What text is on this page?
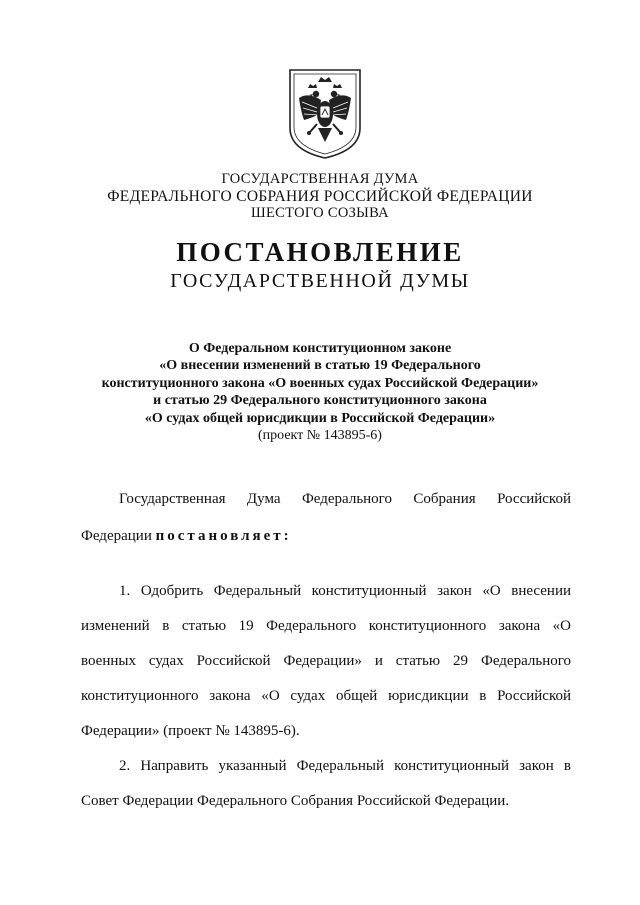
ГОСУДАРСТВЕННАЯ ДУМА
ФЕДЕРАЛЬНОГО СОБРАНИЯ РОССИЙСКОЙ ФЕДЕРАЦИИ
ШЕСТОГО СОЗЫВА
ПОСТАНОВЛЕНИЕ
ГОСУДАРСТВЕННОЙ ДУМЫ
О Федеральном конституционном законе
«О внесении изменений в статью 19 Федерального
конституционного закона «О военных судах Российской Федерации»
и статью 29 Федерального конституционного закона
«О судах общей юрисдикции в Российской Федерации»
(проект № 143895-6)
Государственная Дума Федерального Собрания Российской
Федерации постановляет:
1. Одобрить Федеральный конституционный закон «О внесении
изменений в статью 19 Федерального конституционного закона «О
военных судах Российской Федерации» и статью 29 Федерального
конституционного закона «О судах общей юрисдикции в Российской
Федерации» (проект № 143895-6).
2. Направить указанный Федеральный конституционный закон в
Совет Федерации Федерального Собрания Российской Федерации.
